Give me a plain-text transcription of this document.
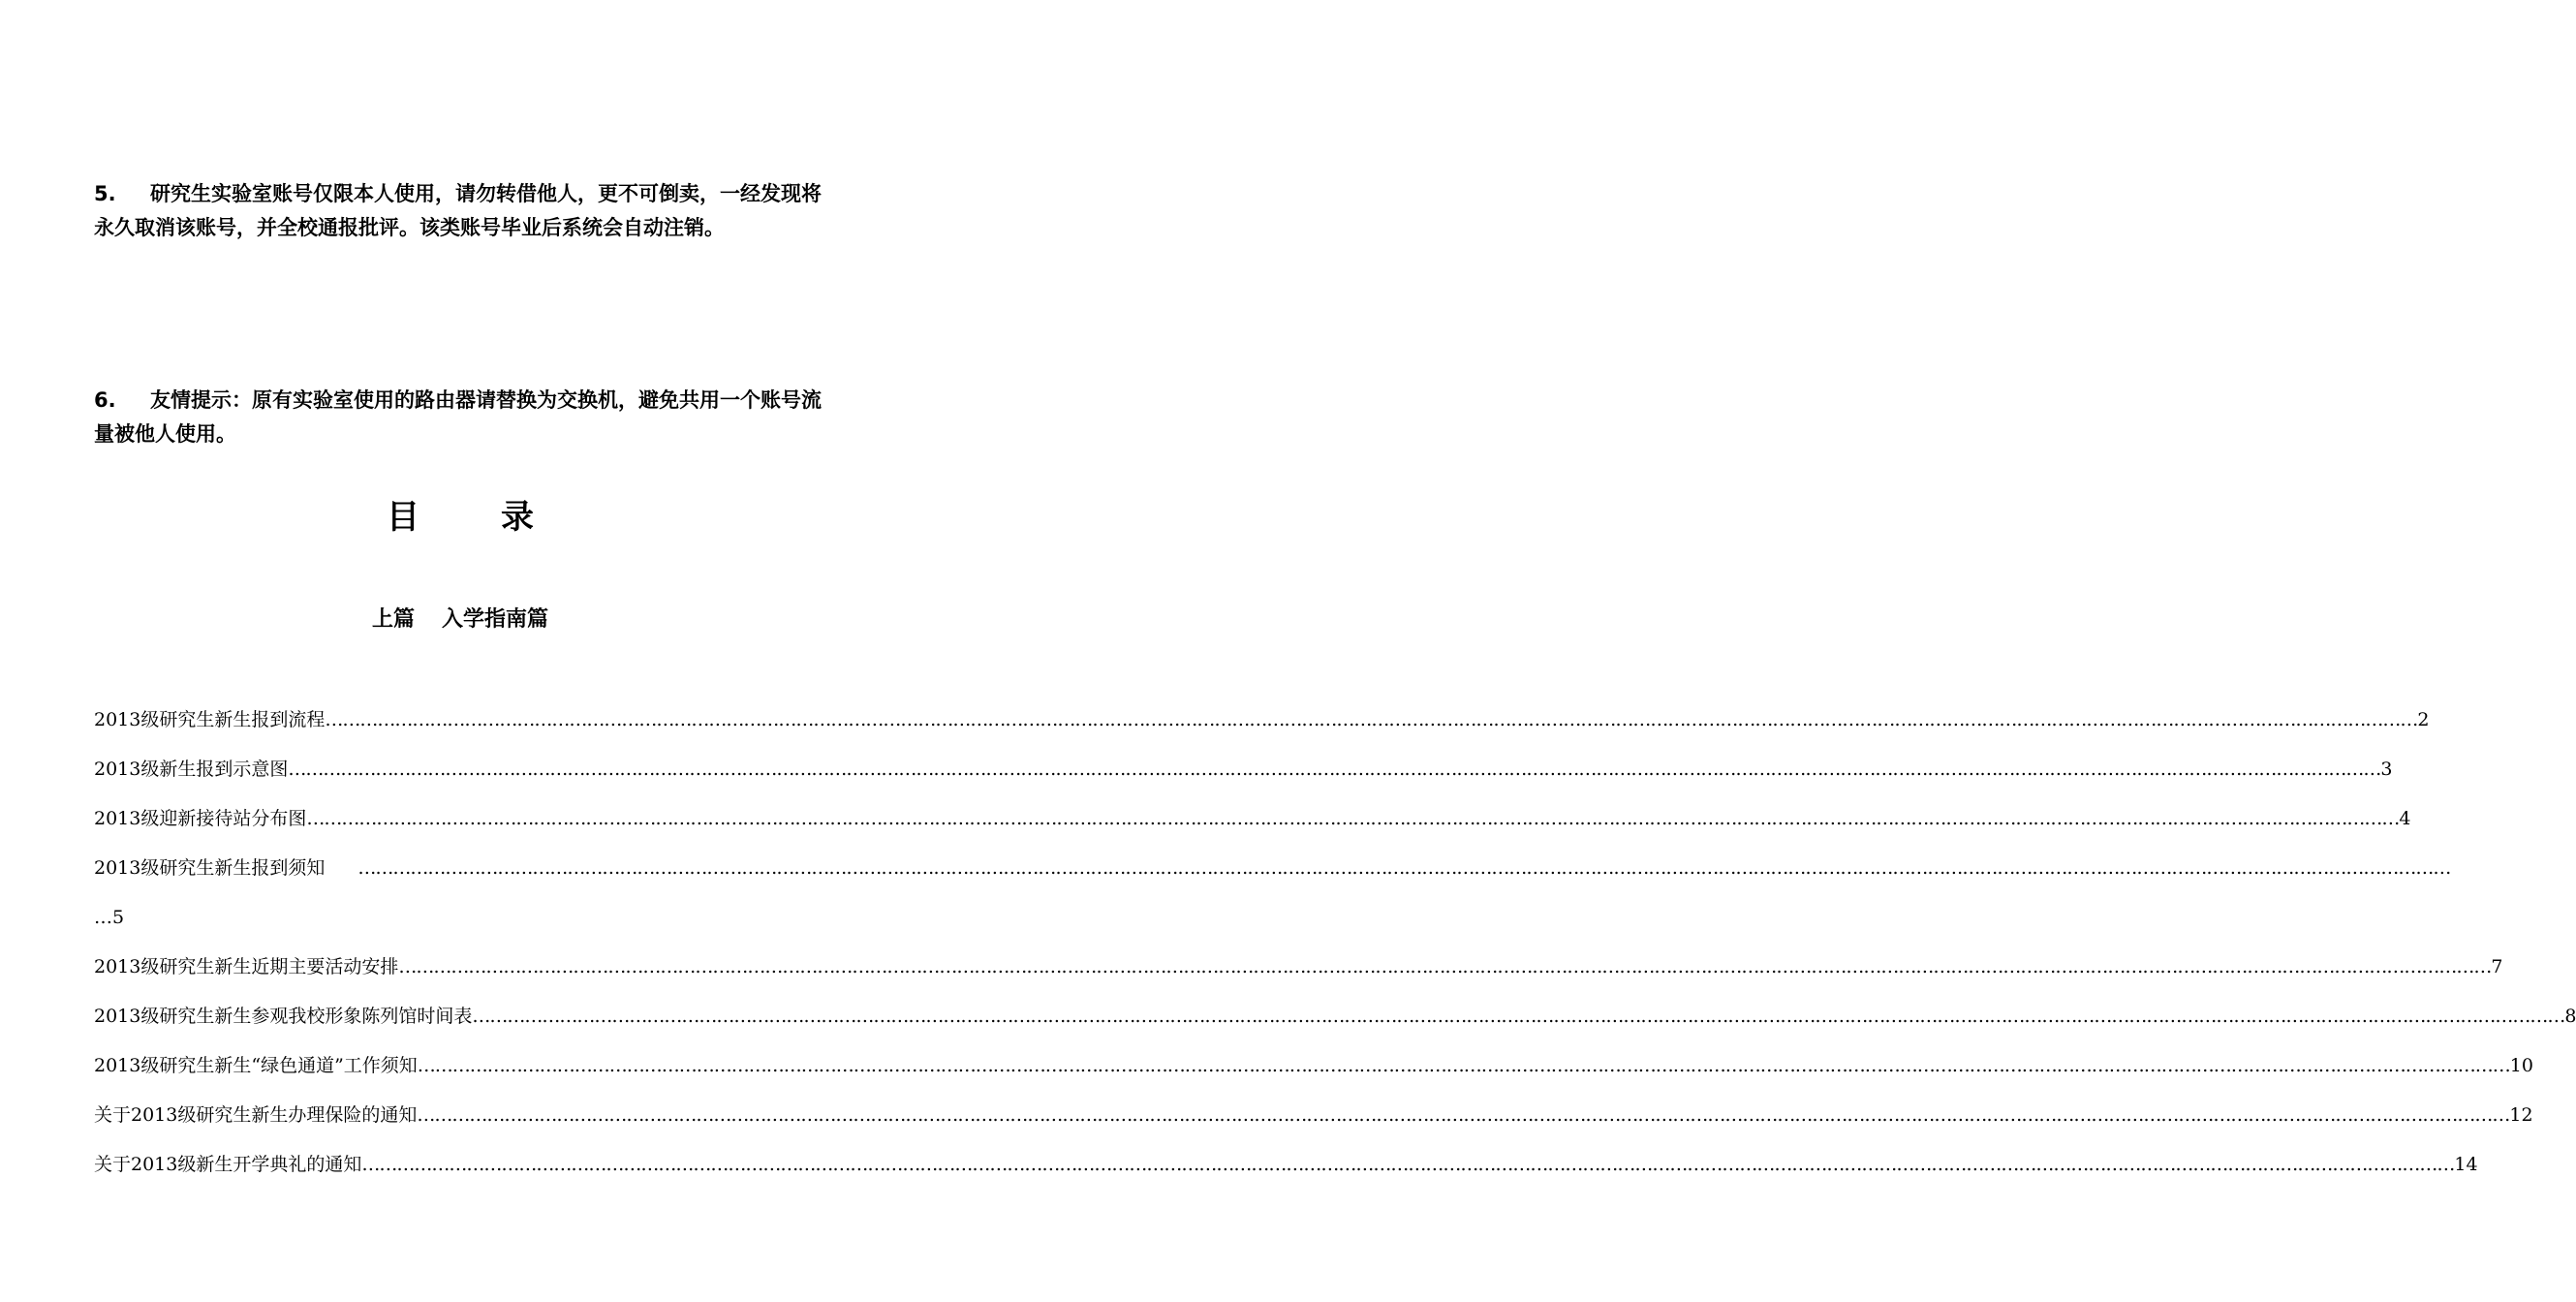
5. 研究生实验室账号仅限本人使用，请勿转借他人，更不可倒卖，一经发现将永久取消该账号，并全校通报批评。该类账号毕业后系统会自动注销。
6. 友情提示：原有实验室使用的路由器请替换为交换机，避免共用一个账号流量被他人使用。
目 录
上篇 入学指南篇
2013级研究生新生报到流程 ……………………………………………………………………………………………………………………………………………………………………………………………………………………………………………………………………………………………………………………………… 2
2013级新生报到示意图 ……………………………………………………………………………………………………………………………………………………………………………………………………………………………………………………………………………………………………………………………… 3
2013级迎新接待站分布图 ……………………………………………………………………………………………………………………………………………………………………………………………………………………………………………………………………………………………………………………………… 4
2013级研究生新生报到须知 ………………………………………………………………………………………………………………………………………………………………………………………………………………………………………………………………………………………………………………………………
…5
2013级研究生新生近期主要活动安排 ……………………………………………………………………………………………………………………………………………………………………………………………………………………………………………………………………………………………………………………………… 7
2013级研究生新生参观我校形象陈列馆时间表 ……………………………………………………………………………………………………………………………………………………………………………………………………………………………………………………………………………………………………………………………… 8
2013级研究生新生“绿色通道”工作须知 ……………………………………………………………………………………………………………………………………………………………………………………………………………………………………………………………………………………………………………………………… 10
关于2013级研究生新生办理保险的通知 ……………………………………………………………………………………………………………………………………………………………………………………………………………………………………………………………………………………………………………………………… 12
关于2013级新生开学典礼的通知 ……………………………………………………………………………………………………………………………………………………………………………………………………………………………………………………………………………………………………………………………… 14
